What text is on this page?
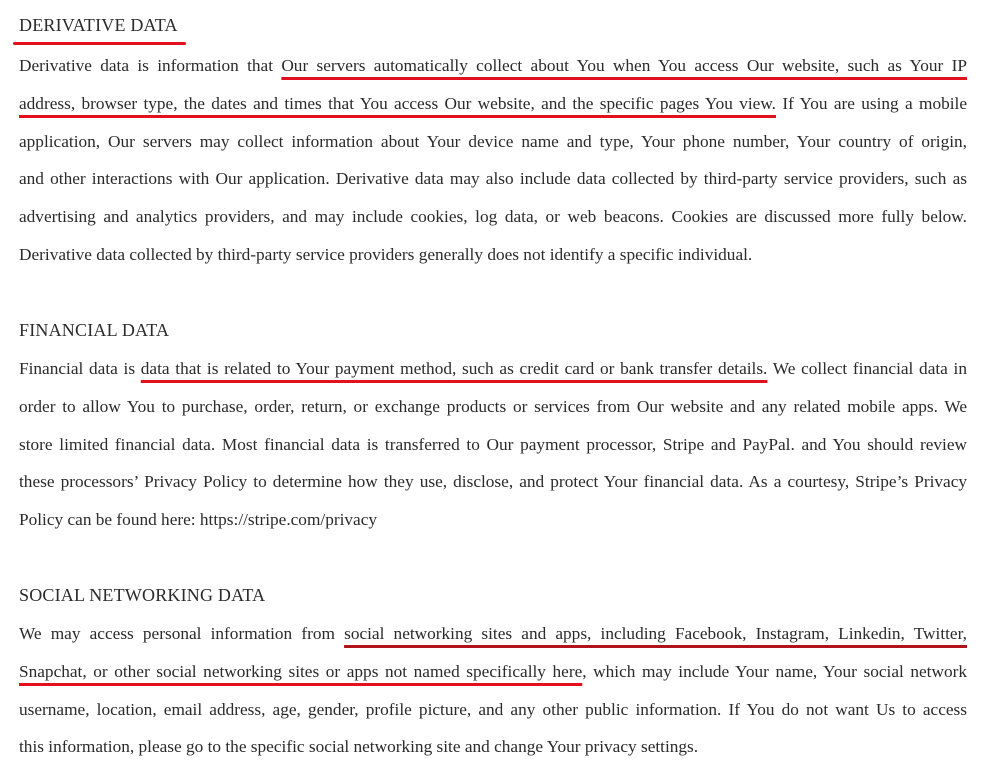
DERIVATIVE DATA
Derivative data is information that Our servers automatically collect about You when You access Our website, such as Your IP
address, browser type, the dates and times that You access Our website, and the specific pages You view. If You are using a mobile
application, Our servers may collect information about Your device name and type, Your phone number, Your country of origin,
and other interactions with Our application. Derivative data may also include data collected by third-party service providers, such as
advertising and analytics providers, and may include cookies, log data, or web beacons. Cookies are discussed more fully below.
Derivative data collected by third-party service providers generally does not identify a specific individual.
FINANCIAL DATA
Financial data is data that is related to Your payment method, such as credit card or bank transfer details. We collect financial data in
order to allow You to purchase, order, return, or exchange products or services from Our website and any related mobile apps. We
store limited financial data. Most financial data is transferred to Our payment processor, Stripe and PayPal. and You should review
these processors’ Privacy Policy to determine how they use, disclose, and protect Your financial data. As a courtesy, Stripe’s Privacy
Policy can be found here: https://stripe.com/privacy
SOCIAL NETWORKING DATA
We may access personal information from social networking sites and apps, including Facebook, Instagram, Linkedin, Twitter,
Snapchat, or other social networking sites or apps not named specifically here, which may include Your name, Your social network
username, location, email address, age, gender, profile picture, and any other public information. If You do not want Us to access
this information, please go to the specific social networking site and change Your privacy settings.
